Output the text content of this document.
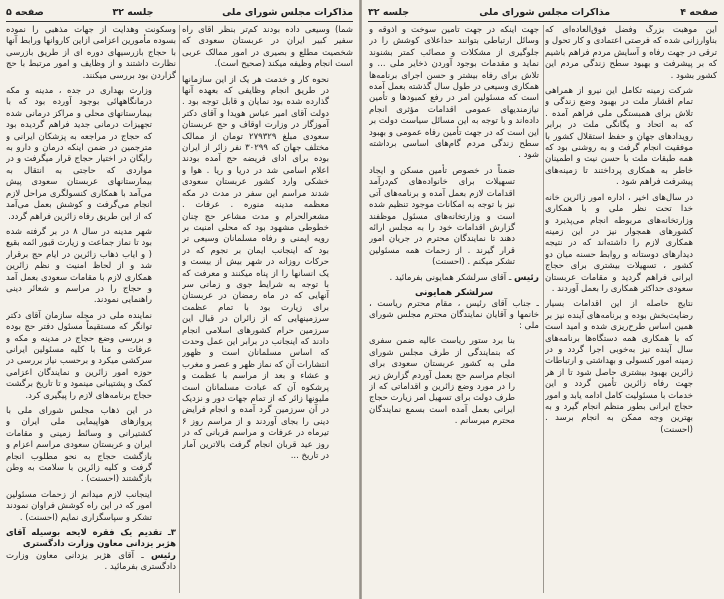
مذاکرات مجلس شورای ملی
جلسه ۳۲
صفحه ۵

شما) وسیعی داده بودند کم‌تر بنظر آقای راه سفیر کبیر ایران در عربستان سعودی که شخصیت مطلع و بصیری در امور ممالک عربی است انجام وظیفه میکند (صحیح است).

نحوه کار و خدمت هر یک از این سازمانها در طریق انجام وظایفی که بعهده آنها گذارده شده بود نمایان و قابل توجه بود . دولت آقای امیر عباس هویدا و آقای دکتر آموزگار در وزارت اوقاف و حج عربستان سعودی مبلغ ۲۷۹۳۲۹ تومان از ممالک مختلف جهان که ۳۰۲۹۹ نفر زائر از ایران بوده برای ادای فریضه حج آمده بودند اعلام اسامی شد در دریا و ریا . هوا و خشکی وارد کشور عربستان سعودی شدند مراسم این سفر در مدت در مکه معظمه مدینه منوره . عرفات . مشعرالحرام و مدت مشاعر حج چنان خطوطی مشهود بود که محلی امنیت بر رویه ایمنی و رفاه مسلمانان وسیعی تر بود که اینجانب ایمان بر نجوم که در حرکات روزانه در شهر بیش از بیست و یک انسانها را از پناه میکنند و معرفت که با توجه به شرایط جوی و زمانی سر آنهایی که در ماه رمضان در عربستان برای زیارت بود با تمام عظمت سرزمینهایی که از زائران در قبال این سرزمین حرام کشورهای اسلامی انجام دادند که اینجانب در برابر این عمل وحدت که اساس مسلمانان است و ظهور انتشارات آن که نماز ظهر و عصر و مغرب و عشاء و بعد از مراسم با عظمت و پرشکوه آن که عبادت مسلمانان است ملیونها زائر که از تمام جهات دور و نزدیک در آن سرزمین گرد آمده و انجام فرایض دینی را بجای آوردند و از مراسم روز ۶ تیرماه در عرفات و مراسم قربانی که در روز عید قربان انجام گرفت بالاترین آمار در تاریخ ...

وسکونت وهدایت از جهات مذهبی را نموده بسوده مأمورین اعزامی ازاین کاروانها ورابط آنها با حجاج بازرسیهای دوره ای از طریق بازرسی نظارت داشتند و از وظایف و امور مرتبط با حج گزاردن بود بررسی میکنند.

وزارت بهداری در جده ، مدینه و مکه درمانگاههائی بوجود آورده بود که با بیمارستانهای محلی و مراکز درمانی شده تجهیزات درمانی جدید فراهم گردیده بود که حجاج در مراجعه به پزشکان ایرانی و مترجمین در ضمن اینکه درمان و دارو به رایگان در اختیار حجاج قرار میگرفت و در مواردی که حاجتی به انتقال به بیمارستانهای عربستان سعودی پیش می‌آمد با همکاری کنسولگری مراحل لازم انجام می‌گرفت و کوشش بعمل می‌آمد که از این طریق رفاه زائرین فراهم گردد.

شهر مدینه در سال ۸ در بر گرفته شده بود تا نماز جماعت و زیارت قبور ائمه بقیع ( و ایاب ذهاب زائرین در ایام حج برقرار شد و از لحاظ امنیت و نظم زائرین همکاری لازم با مقامات سعودی بعمل آمد و حجاج را در مراسم و شعائر دینی راهنمایی نمودند.

نماینده ملی در مجله سازمان آقای دکتر توانگر که مستقیماً مسئول دفتر حج بوده و بررسی وضع حجاج در مدینه و مکه و عرفات و منا با کلیه مسئولین ایرانی سرکشی میکرد و برحسب نیاز بررسی در حوزه امور زائرین و نمایندگان اعزامی کمک و پشتیبانی مینمود و تا تاریخ برگشت حجاج برنامه‌های لازم را پیگیری کرد.

در این ذهاب مجلس شورای ملی با پروازهای هواپیمایی ملی ایران و کشتیرانی و وسائط زمینی و مقامات ایران و عربستان سعودی مراسم اعزام و بازگشت حجاج به نحو مطلوب انجام گرفت و کلیه زائرین با سلامت به وطن بازگشتند (احسنت) .

اینجانب لازم میدانم از زحمات مسئولین امور که در این راه کوشش فراوان نمودند تشکر و سپاسگزاری نمایم (احسنت) .

۳ـ تقدیم یک فقره لایحه بوسیله آقای هژبر یزدانی معاون وزارت دادگستری

رئیس ـ آقای هژبر یزدانی معاون وزارت دادگستری بفرمائید .

صفحه ۴
مذاکرات مجلس شورای ملی
جلسه ۳۲

این موهبت بزرگ وفضل فوق‌العاده‌ای که بناوارزانی شده که فرصتی اعتمادی و کار تحول و ترقی در جهت رفاه و آسایش مردم فراهم باشیم که بر پیشرفت و بهبود سطح زندگی مردم این کشور بشود .

شرکت زمینه تکامل این نیرو از همراهی تمام اقشار ملت در بهبود وضع زندگی و تلاش برای همبستگی ملی فراهم آمده . که به اتحاد و یگانگی ملت در برابر رویدادهای جهان و حفظ استقلال کشور با موفقیت انجام گرفت و به روشنی بود که همه طبقات ملت با حسن نیت و اطمینان خاطر به همکاری پرداختند تا زمینه‌های پیشرفت فراهم شود .

در سال‌های اخیر ، اداره امور زائرین خانه خدا تحت نظر ملی و با همکاری وزارتخانه‌های مربوطه انجام می‌پذیرد و کشورهای همجوار نیز در این زمینه همکاری لازم را داشته‌اند که در نتیجه دیدارهای دوستانه و روابط حسنه میان دو کشور ، تسهیلات بیشتری برای حجاج ایرانی فراهم گردید و مقامات عربستان سعودی حداکثر همکاری را بعمل آوردند .

نتایج حاصله از این اقدامات بسیار رضایت‌بخش بوده و برنامه‌های آینده نیز بر همین اساس طرح‌ریزی شده و امید است که با همکاری همه دستگاه‌ها برنامه‌های سال آینده نیز به‌خوبی اجرا گردد و در زمینه امور کنسولی و بهداشتی و ارتباطات زائرین بهبود بیشتری حاصل شود تا از هر جهت رفاه زائرین تأمین گردد و این خدمات با مسئولیت کامل ادامه یابد و امور حجاج ایرانی بطور منظم انجام گیرد و به بهترین وجه ممکن به انجام برسد . (احسنت)

جهت اینکه در جهت تأمین سوخت و آذوقه و وسائل ارتباطی بتوانند حداعلای کوشش را در جلوگیری از مشکلات و مصائب کمتر بشنوند نماید و مقدمات بوجود آوردن ذخایر ملی ... و تلاش برای رفاه بیشتر و حسن اجرای برنامه‌ها همکاری وسیعی در طول سال گذشته بعمل آمده است که مسئولین امر در رفع کمبودها و تأمین نیازمندیهای عمومی اقدامات مؤثری انجام داده‌اند و با توجه به این مسائل سیاست دولت بر این است که در جهت تأمین رفاه عمومی و بهبود سطح زندگی مردم گام‌های اساسی برداشته شود .

ضمناً در خصوص تأمین مسکن و ایجاد تسهیلات برای خانواده‌های کم‌درآمد اقدامات لازم بعمل آمده و برنامه‌های آتی نیز با توجه به امکانات موجود تنظیم شده است و وزارتخانه‌های مسئول موظفند گزارش اقدامات خود را به مجلس ارائه دهند تا نمایندگان محترم در جریان امور قرار گیرند . از زحمات همه مسئولین تشکر میکنم . (احسنت)

رئیس ـ آقای سرلشکر همایونی بفرمائید .

سرلشکر همایونی

ـ جناب آقای رئیس ، مقام محترم ریاست ، خانمها و آقایان نمایندگان محترم مجلس شورای ملی :

بنا برد ستور ریاست عالیه ضمن سفری که بنمایندگی از طرف مجلس شورای ملی به کشور عربستان سعودی برای انجام مراسم حج بعمل آوردم گزارش زیر را در مورد وضع زائرین و اقداماتی که از طرف دولت برای تسهیل امر زیارت حجاج ایرانی بعمل آمده است بسمع نمایندگان محترم میرسانم .
